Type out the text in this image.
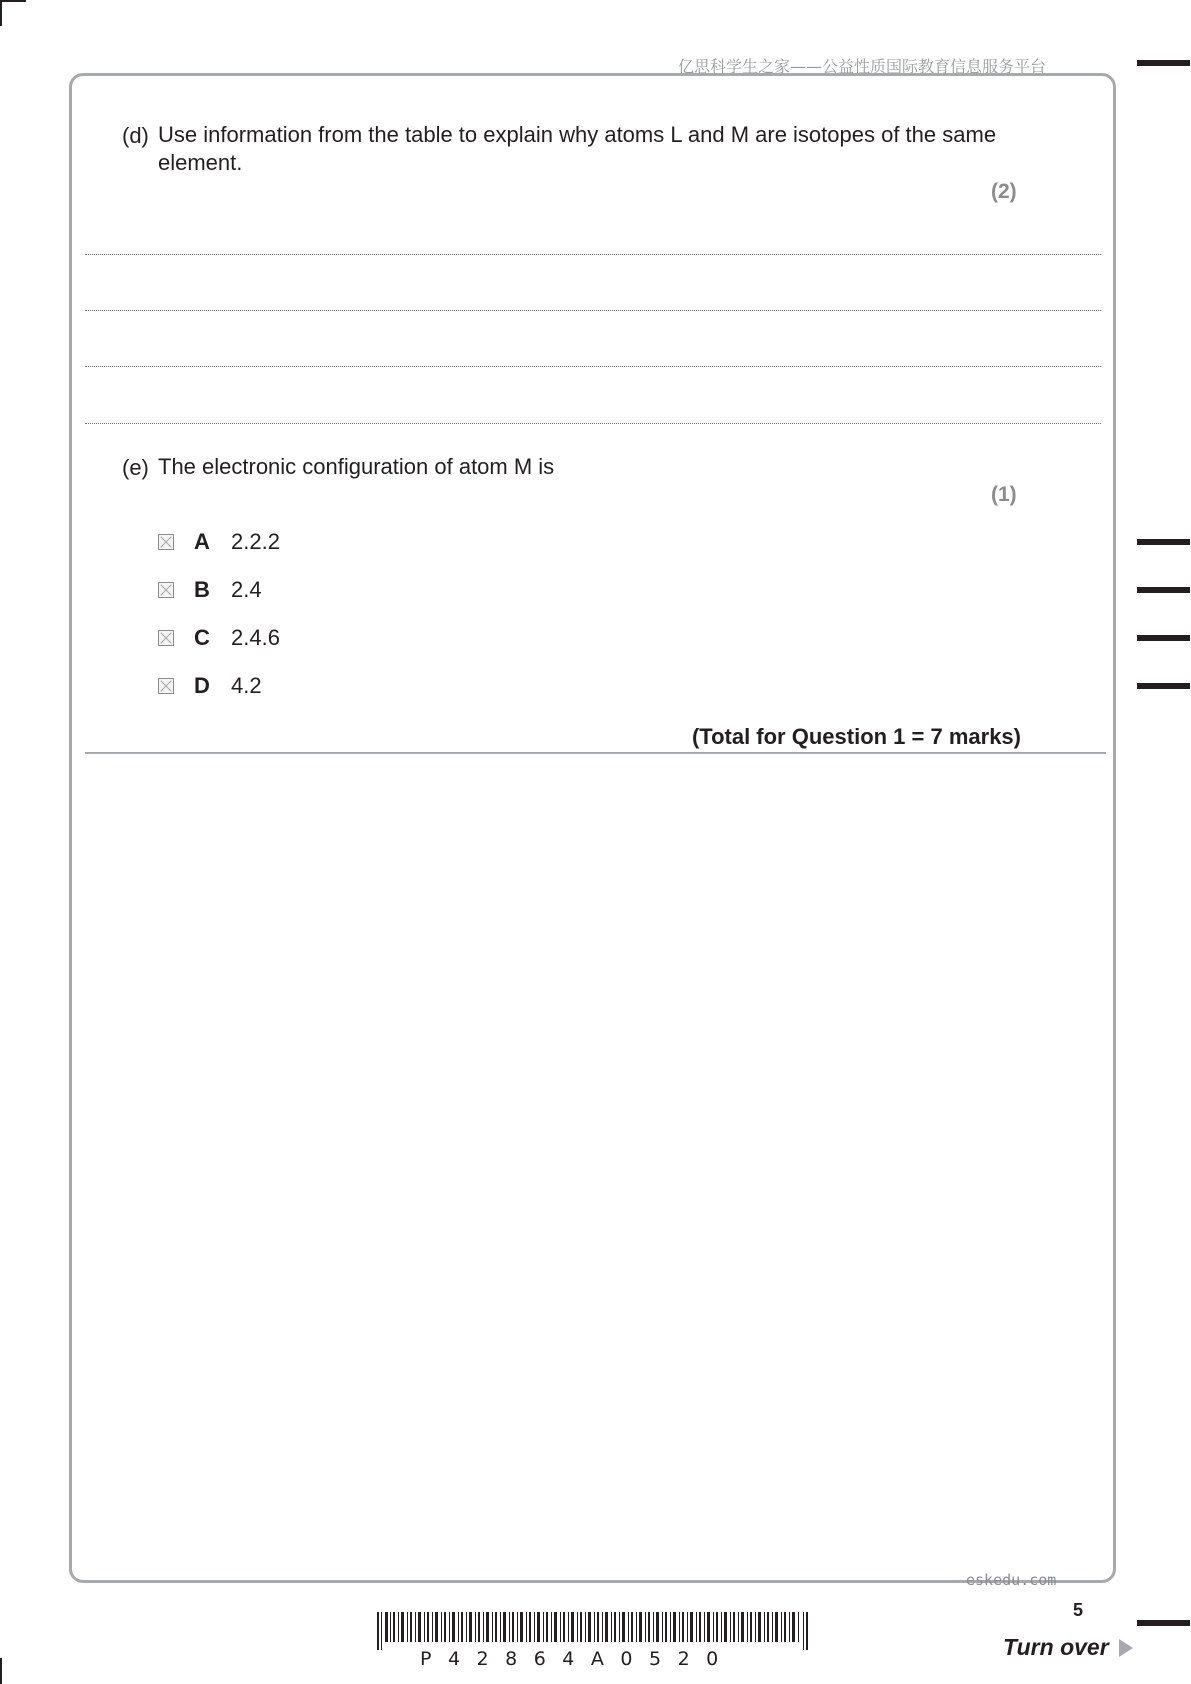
亿思科学生之家——公益性质国际教育信息服务平台
(d) Use information from the table to explain why atoms L and M are isotopes of the same element.
(2)
(e) The electronic configuration of atom M is
(1)
A 2.2.2
B 2.4
C 2.4.6
D 4.2
(Total for Question 1 = 7 marks)
eskedu.com
5
P42864A0520	Turn over
